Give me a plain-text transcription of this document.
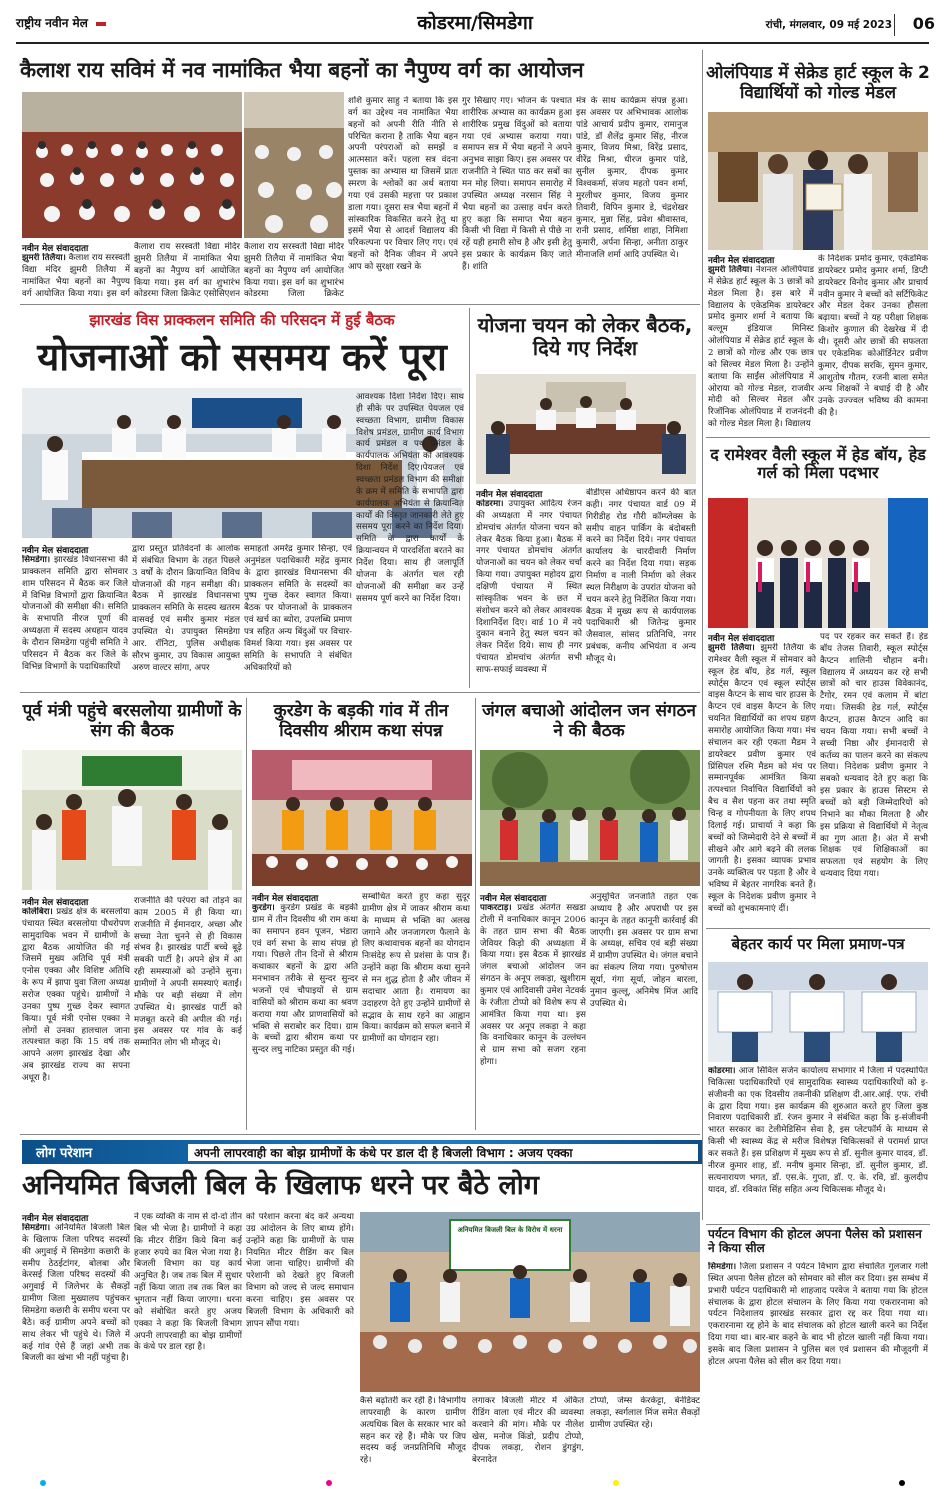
राष्ट्रीय नवीन मेल	कोडरमा/सिमडेगा	रांची, मंगलवार, 09 मई 2023	06
कैलाश राय सविमं में नव नामांकित भैया बहनों का नैपुण्य वर्ग का आयोजन
नवीन मेल संवाददाता
झुमरी तिलैया। कैलाश राय सरस्वती विद्या मंदिर झुमरी तिलैया में नामांकित भैया बहनों का नैपुण्य वर्ग आयोजित किया गया। इस वर्ग
कैलाश राय सरस्वती विद्या मंदिर झुमरी तिलैया में नामांकित भैया बहनों का नैपुण्य वर्ग आयोजित किया गया। इस वर्ग का शुभारंभ कोडरमा जिला क्रिकेट एसोसिएशन
कैलाश राय सरस्वती विद्या मंदिर झुमरी तिलैया में नामांकित भैया बहनों का नैपुण्य वर्ग आयोजित किया गया। इस वर्ग का शुभारंभ कोडरमा जिला क्रिकेट
शशि कुमार साहु ने बताया कि इस वर्ग का उद्देश्य नव नामांकित भैया बहनों को अपनी रीति नीति से परिचित कराना है ताकि भैया बहन अपनी परंपराओं को समझें व आत्मसात करें। पहला सत्र वंदना पुस्तक का अभ्यास था जिसमें प्रातः स्मरण के श्लोकों का अर्थ बताया गया एवं उसकी महत्ता पर प्रकाश डाला गया। दूसरा सत्र भैया बहनों में सांस्कारिक विकसित करने हेतु था इसमें भैया से आदर्श विद्यालय की परिकल्पना पर विचार लिए गए। एवं बहनों को दैनिक जीवन में अपने आप को सुरक्षा रखने के
गुर सिखाए गए। भोजन के पश्चात शारीरिक अभ्यास का कार्यक्रम हुआ शारीरिक प्रमुख विंदुओं को बताया गया एवं अभ्यास कराया गया। समापन सत्र में भैया बहनों ने अपने अनुभव साझा किए। इस अवसर पर राजनीति ने स्थित पाठ कर सबों का मन मोह लिया। समापन समारोह में उपस्थित अध्यक्ष नरसान सिंह ने भैया बहनों का उत्साह वर्धन करते हुए कहा कि समाप्त भैया बहन किसी भी विद्या में किसी से पीछे ना रहें यही हमारी सोच है और इसी हेतु इस प्रकार के कार्यक्रम किए जाते हैं। शांति
मंत्र के साथ कार्यक्रम संपन्न हुआ। इस अवसर पर अभिभावक आलोक पांडे आचार्य प्रदीप कुमार, रामानुज पांडे, डॉ शैलेंद्र कुमार सिंह, नीरज कुमार, विजय मिश्रा, विरेंद्र प्रसाद, वीरेंद्र मिश्रा, धीरज कुमार पांडे, सुनील कुमार, दीपक कुमार विश्वकर्मा, संजय महतो पवन शर्मा, मुरलीधर कुमार, विजय कुमार तिवारी, विपिन कुमार डे, चंद्रशेखर कुमार, मुन्ना सिंह, प्रवेश श्रीवास्तव, रानी प्रसाद, शर्मिष्ठा शाहा, निमिशा कुमारी, अर्पना सिन्हा, अनीता ठाकुर मीनाजलि शर्मा आदि उपस्थित थे।
ओलंपियाड में सेक्रेड हार्ट स्कूल के 2 विद्यार्थियों को गोल्ड मेडल
नवीन मेल संवाददाता
झुमरी तिलैया। नेशनल ओलंपियाड में सेक्रेड हार्ट स्कूल के 3 छात्रों को मेडल मिला है। इस बारे में विद्यालय के एकेडमिक डायरेक्टर प्रमोद कुमार शर्मा ने बताया कि बल्लूम इंडियाज मिनिस्ट ओलंपियाड में सेक्रेड हार्ट स्कूल के 2 छात्रों को गोल्ड और एक छात्र को सिल्वर मेडल मिला है। उन्होंने बताया कि साईंस ओलंपियाड में ओराया को गोल्ड मेडल, राजवीर मोदी को सिल्वर मेडल और रिजॉनिक ओलंपियाड में राजनंदनी को गोल्ड मेडल मिला है। विद्यालय
के निदेशक प्रमोद कुमार, एकेडमिक डायरेक्टर प्रमोद कुमार शर्मा, डिप्टी डायरेक्टर विनोद कुमार और प्राचार्य नवीन कुमार ने बच्चों को सर्टिफिकेट और मेडल देकर उनका हौसला बढ़ाया। बच्चों ने यह परीक्षा शिक्षक किशोर कुणाल की देखरेख में दी थी। दूसरी ओर छात्रों की सफलता पर एकेडमिक कोऑर्डिनेटर प्रवीण कुमार, दीपक सरकि, सुमन कुमार, आशुतोष गौतम, रजनी बाला समेत अन्य शिक्षकों ने बधाई दी है और उनके उज्ज्वल भविष्य की कामना की है।
झारखंड विस प्राक्कलन समिति की परिसदन में हुई बैठक
योजनाओं को ससमय करें पूरा
नवीन मेल संवाददाता
सिमडेगा। झारखंड विधानसभा की प्राक्कलन समिति द्वारा सोमवार शाम परिसदन में बैठक कर जिले में विभिन्न विभागों द्वारा क्रियान्वित योजनाओं की समीक्षा की। समिति के सभापति नीरज पूर्णा की अध्यक्षता में सदस्य अधहान यादव के दौरान सिमडेगा पहुंची समिति ने परिसदन में बैठक कर जिले के विभिन्न विभागों के पदाधिकारियों
द्वारा प्रस्तुत प्रतिवेदनों के आलोक में संबंधित विभाग के तहत पिछले 3 वर्षों के दौरान क्रियान्वित विविध योजनाओं की गहन समीक्षा की। बैठक में झारखंड विधानसभा प्राक्कलन समिति के सदस्य खतरम वासवई एवं समीर कुमार मंडल उपस्थित थे। उपायुक्त सिमडेगा आर. रॉनिटा, पुलिस अधीक्षक सौरभ कुमार, उप विकास आयुक्त अरुण वाल्टर सांगा, अपर
समाहर्ता अमरेंद्र कुमार सिन्हा, एवं अनुमंडल पदाधिकारी महेंद्र कुमार के द्वारा झारखंड विधानसभा की प्राक्कलन समिति के सदस्यों का पुष्प गुच्छ देकर स्वागत किया।बैठक पर योजनाओं के प्राक्कलन एवं खर्च का ब्योरा, उपलब्धि प्रमाण पत्र सहित अन्य बिंदुओं पर विचार-विमर्श किया गया। इस अवसर पर समिति के सभापति ने संबंधित अधिकारियों को
आवश्यक दिशा निर्देश दिए। साथ ही सीके पर उपस्थित पेयजल एवं स्वच्छता विभाग, ग्रामीण विकास विशेष प्रमंडल, ग्रामीण कार्य विभाग कार्य प्रमंडल व पथ प्रमंडल के कार्यपालक अभियंता को आवश्यक दिशा निर्देश दिए।पेयजल एवं स्वच्छता प्रमंडल विभाग की समीक्षा के क्रम में समिति के सभापति द्वारा कार्यपालक अभियंता से क्रियान्वित कार्यों की विस्तृत जानकारी लेते हुए ससमय पूरा करने का निर्देश दिया। समिति के द्वारा कार्यों के क्रियान्वयन में पारदर्शिता बरतने का निर्देश दिया। साथ ही जलापूर्ति योजना के अंतर्गत चल रही योजनाओं की समीक्षा कर उन्हें ससमय पूर्ण करने का निर्देश दिया।
योजना चयन को लेकर बैठक, दिये गए निर्देश
नवीन मेल संवाददाता
कोडरमा। उपायुक्त आदित्य रंजन की अध्यक्षता में नगर पंचायत डोमचांच अंतर्गत योजना चयन को लेकर बैठक किया हुआ। बैठक में नगर पंचायत डोमचांच अंतर्गत योजनाओं का चयन को लेकर चर्चा किया गया। उपायुक्त महोदय द्वारा दक्षिणी पंचायत में स्थित सांस्कृतिक भवन के छत में संशोधन करने को लेकर आवश्यक दिशानिर्देश दिए। वार्ड 10 में नये दुकान बनाने हेतु स्थल चयन को लेकर निर्देश दिये। साथ ही नगर पंचायत डोमचांच अंतर्गत सभी साफ-सफाई व्यवस्था में
बीडीएस अधिष्ठापन करने की बात कही। नगर पंचायत वार्ड 09 में गिरीडीह रोड गौरी कॉम्प्लेक्स के समीप वाहन पार्किंग के बंदोबस्ती करने का निर्देश दिये। नगर पंचायत कार्यालय के चारदीवारी निर्माण करने का निर्देश दिया गया। सड़क निर्माण व नाली निर्माण को लेकर स्थल निरीक्षण के उपरांत योजना को चयन करने हेतु निर्देशित किया गया। बैठक में मुख्य रूप से कार्यपालक पदाधिकारी श्री जितेन्द्र कुमार जैसवाल, सांसद प्रतिनिधि, नगर प्रबंधक, कनीय अभियंता व अन्य मौजूद थे।
द रामेश्वर वैली स्कूल में हेड बॉय, हेड गर्ल को मिला पदभार
नवीन मेल संवाददाता
झुमरी तिलैया। झुमरी तिलैया के रामेश्वर वैली स्कूल में सोमवार को स्कूल हेड बॉय, हेड गर्ल, स्कूल स्पोर्ट्स कैप्टन एवं स्कूल स्पोर्ट्स वाइस कैप्टन के साथ चार हाउस के कैप्टन एवं वाइस कैप्टन के लिए चयनित विद्यार्थियों का शपथ ग्रहण समारोह आयोजित किया गया। मंच संचालन कर रही एकता मैडम ने डायरेक्टर प्रवीण कुमार एवं प्रिंसिपल रश्मि मैडम को मंच पर सम्मानपूर्वक आमंत्रित किया तत्पश्चात निर्वाचित विद्यार्थियों को बैच व सैश पहना कर तथा स्मृति चिन्ह व गोपनीयता के लिए शपथ दिलाई गई। प्राचार्या ने कहा कि बच्चों को जिम्मेदारी देने से बच्चों में सीखने और आगे बढ़ने की ललक जागती है। इसका व्यापक प्रभाव उनके व्यक्तित्व पर पड़ता है और वे भविष्य में बेहतर नागरिक बनते हैं। स्कूल के निदेशक प्रवीण कुमार ने बच्चों को शुभकामनाएं दीं।
पद पर रहकर कर सकते हैं। हेड बॉय तेजस तिवारी, स्कूल स्पोर्ट्स कैप्टन शालिनी चौहान बनी। विद्यालय में अध्ययन कर रहे सभी छात्रों को चार हाउस विवेकानंद, टैगोर, रमन एवं कलाम में बांटा गया। जिसकी हेड गर्ल, स्पोर्ट्स कैप्टन, हाउस कैप्टन आदि का चयन किया गया। सभी बच्चों ने सच्ची निष्ठा और ईमानदारी से कर्तव्य का पालन करने का संकल्प लिया। निदेशक प्रवीण कुमार ने सबको धन्यवाद देते हुए कहा कि इस प्रकार के हाउस सिस्टम से बच्चों को बड़ी जिम्मेदारियों को निभाने का मौका मिलता है और इस प्रक्रिया से विद्यार्थियों में नेतृत्व का गुण आता है। अंत में सभी शिक्षक एवं शिक्षिकाओं का सफलता एवं सहयोग के लिए धन्यवाद दिया गया।
पूर्व मंत्री पहुंचे बरसलोया ग्रामीणों के संग की बैठक
नवीन मेल संवाददाता
कोलेबिरा। प्रखंड क्षेत्र के बरसलोया पंचायत स्थित बरसलोया पौधरोपण सामुदायिक भवन में ग्रामीणों के द्वारा बैठक आयोजित की गई जिसमें मुख्य अतिथि पूर्व मंत्री एनोस एक्का और विशिष्ट अतिथि के रूप में झापा युवा जिला अध्यक्ष सरोज एक्का पहुंचे। ग्रामीणों ने उनका पुष्प गुच्छ देकर स्वागत किया। पूर्व मंत्री एनोस एक्का ने लोगों से उनका हालचाल जाना तत्पश्चात कहा कि 15 वर्ष तक आपने अलग झारखंड देखा और अब झारखंड राज्य का सपना अधूरा है।
राजनीति की परंपरा को तोड़ने का काम 2005 में ही किया था। राजनीति में ईमानदार, अच्छा और सच्चा नेता चुनने से ही विकास संभव है। झारखंड पार्टी बच्चे बूढ़े सबकी पार्टी है। अपने क्षेत्र में आ रही समस्याओं को उन्होंने सुना। ग्रामीणों ने अपनी समस्याएं बताईं। मौके पर बड़ी संख्या में लोग उपस्थित थे। झारखंड पार्टी को मजबूत करने की अपील की गई। इस अवसर पर गांव के कई सम्मानित लोग भी मौजूद थे।
कुरडेग के बड़की गांव में तीन दिवसीय श्रीराम कथा संपन्न
नवीन मेल संवाददाता
कुरडेग। कुरडेग प्रखंड के बड़की ग्राम में तीन दिवसीय श्री राम कथा का समापन हवन पूजन, भंडारा एवं वर्ग सभा के साथ संपन्न हो गया। पिछले तीन दिनों से श्रीराम कथाकार बहनों के द्वारा अति मनभावन तरीके से सुन्दर सुन्दर भजनों एवं चौपाइयों से ग्राम वासियों को श्रीराम कथा का श्रवण कराया गया और प्राणवासियों को भक्ति से सराबोर कर दिया। ग्राम के बच्चों द्वारा श्रीराम कथा पर सुन्दर लघु नाटिका प्रस्तुत की गई।
सम्बोधित करते हुए कहा सुदूर ग्रामीण क्षेत्र में जाकर श्रीराम कथा के माध्यम से भक्ति का अलख जगाने और जनजागरण फैलाने के लिए कथावाचक बहनों का योगदान निःसंदेह रूप से प्रशंसा के पात्र हैं। उन्होंने कहा कि श्रीराम कथा सुनने से मन शुद्ध होता है और जीवन में सदाचार आता है। रामायण का उदाहरण देते हुए उन्होंने ग्रामीणों से सद्भाव के साथ रहने का आह्वान किया। कार्यक्रम को सफल बनाने में ग्रामीणों का योगदान रहा।
जंगल बचाओ आंदोलन जन संगठन ने की बैठक
नवीन मेल संवाददाता
पाकरटाड़। प्रखंड अंतर्गत सखडा टोली में वनाधिकार कानून 2006 के तहत ग्राम सभा की बैठक जेवियर किड़ो की अध्यक्षता में किया गया। इस बैठक में झारखंड जंगल बचाओ आंदोलन जन संगठन के अनूप लकड़ा, खुशीराम कुमार एवं आदिवासी उमेश नेटवर्क के रंजीता टोप्पो को विशेष रूप से आमंत्रित किया गया था। इस अवसर पर अनूप लकड़ा ने कहा कि वनाधिकार कानून के उल्लंघन से ग्राम सभा को सजग रहना होगा।
अनुसूचित जनजाति तहत एक अध्याय है और अपराधी पर इस कानून के तहत कानूनी कार्रवाई की जाएगी। इस अवसर पर ग्राम सभा के अध्यक्ष, सचिव एवं बड़ी संख्या में ग्रामीण उपस्थित थे। जंगल बचाने का संकल्प लिया गया। पुरुषोत्तम सूर्या, गंगा सूर्या, जोहन बारला, नुमान कुल्लू, अनिमेष मिंज आदि उपस्थित थे।
बेहतर कार्य पर मिला प्रमाण-पत्र
कोडरमा। आज सिविल सर्जन कार्यालय सभागार में जिला में पदस्थापित चिकित्सा पदाधिकारियों एवं सामुदायिक स्वास्थ्य पदाधिकारियों को इ-संजीवनी का एक दिवसीय तकनीकी प्रशिक्षण दी.आर.आई. एफ. रांची के द्वारा दिया गया। इस कार्यक्रम की शुरुआत करते हुए जिला कुष्ठ निवारण पदाधिकारी डॉ. रंजन कुमार ने संबंधित कहा कि इ-संजीवनी भारत सरकार का टेलीमेडिसिन सेवा है, इस प्लेटफॉर्म के माध्यम से किसी भी स्वास्थ्य केंद्र से मरीज विशेषज्ञ चिकित्सकों से परामर्श प्राप्त कर सकते हैं। इस प्रशिक्षण में मुख्य रूप से डॉ. सुनील कुमार यादव, डॉ. नीरज कुमार शाह, डॉ. मनीष कुमार सिन्हा, डॉ. सुनील कुमार, डॉ. सत्यनारायण भगत, डॉ. एस.के. गुप्ता, डॉ. ए. के. रवि, डॉ. कुलदीप यादव, डॉ. रविकांत सिंह सहित अन्य चिकित्सक मौजूद थे।
पर्यटन विभाग की होटल अपना पैलेस को प्रशासन ने किया सील
सिमडेगा। जिला प्रशासन ने पर्यटन विभाग द्वारा संचालित गुलजार गली स्थित अपना पैलेस होटल को सोमवार को सील कर दिया। इस सम्बंध में प्रभारी पर्यटन पदाधिकारी मो शाहजाद परवेज ने बताया गया कि होटल संचालक के द्वारा होटल संचालन के लिए किया गया एकरारनामा को पर्यटन निदेशालय झारखंड सरकार द्वारा रद्द कर दिया गया था। एकरारनामा रद्द होने के बाद संचालक को होटल खाली करने का निर्देश दिया गया था। बार-बार कहने के बाद भी होटल खाली नहीं किया गया। इसके बाद जिला प्रशासन ने पुलिस बल एवं प्रशासन की मौजूदगी में होटल अपना पैलेस को सील कर दिया गया।
लोग परेशान	अपनी लापरवाही का बोझ ग्रामीणों के कंधे पर डाल दी है बिजली विभाग : अजय एक्का
अनियमित बिजली बिल के खिलाफ धरने पर बैठे लोग
नवीन मेल संवाददाता
सिमडेगा। अनियमित बिजली बिल के खिलाफ जिला परिषद सदस्यों की अगुवाई में सिमडेगा कछारी के समीप ठेठईटांगर, बोलबा और केरसई जिला परिषद सदस्यों की अगुवाई में जिलेभर के सैकड़ों ग्रामीण जिला मुख्यालय पहुंचकर सिमडेगा कछारी के समीप धरना पर बैठे। कई ग्रामीण अपने बच्चों को साथ लेकर भी पहुंचे थे। जिले में कई गांव ऐसे हैं जहां अभी तक बिजली का खंभा भी नहीं पहुंचा है।
ने एक व्यक्ति के नाम से दो-दो तीन बिल भी भेजा है। ग्रामीणों ने कहा कि मीटर रीडिंग किये बिना कई हजार रुपये का बिल भेजा गया है। बिजली विभाग का यह कार्य अनुचित है। जब तक बिल में सुधार नहीं किया जाता तब तक बिल का भुगतान नहीं किया जाएगा। धरना को संबोधित करते हुए अजय एक्का ने कहा कि बिजली विभाग अपनी लापरवाही का बोझ ग्रामीणों के कंधे पर डाल रहा है।
को परेशान करना बंद करें अन्यथा उग्र आंदोलन के लिए बाध्य होंगे। उन्होंने कहा कि ग्रामीणों के पास नियमित मीटर रीडिंग कर बिल भेजा जाना चाहिए। ग्रामीणों की परेशानी को देखते हुए बिजली विभाग को जल्द से जल्द समाधान करना चाहिए। इस अवसर पर बिजली विभाग के अधिकारी को ज्ञापन सौंपा गया।
अनियमित बिजली बिल के विरोध में धरना
कैसे बढ़ोतरी कर रही है। विभागीय लापरवाही के कारण ग्रामीण अत्यधिक बिल के सरकार भार को सहन कर रहे हैं। मौके पर जिप सदस्य कई जनप्रतिनिधि मौजूद रहे।
लगाकर बिजली मीटर में अंकित रीडिंग वाला एवं मीटर की व्यवस्था करवाने की मांग। मौके पर नीलेश खेस, मनोज किंडो, प्रदीप टोप्पो, दीपक लकड़ा, रोशन डुंगडुंग, बेरनादेत
टोप्पो, जेम्स केरकेट्टा, बेनेडिक्ट लकड़ा, स्वर्गलाल मिंज समेत सैकड़ों ग्रामीण उपस्थित रहे।
